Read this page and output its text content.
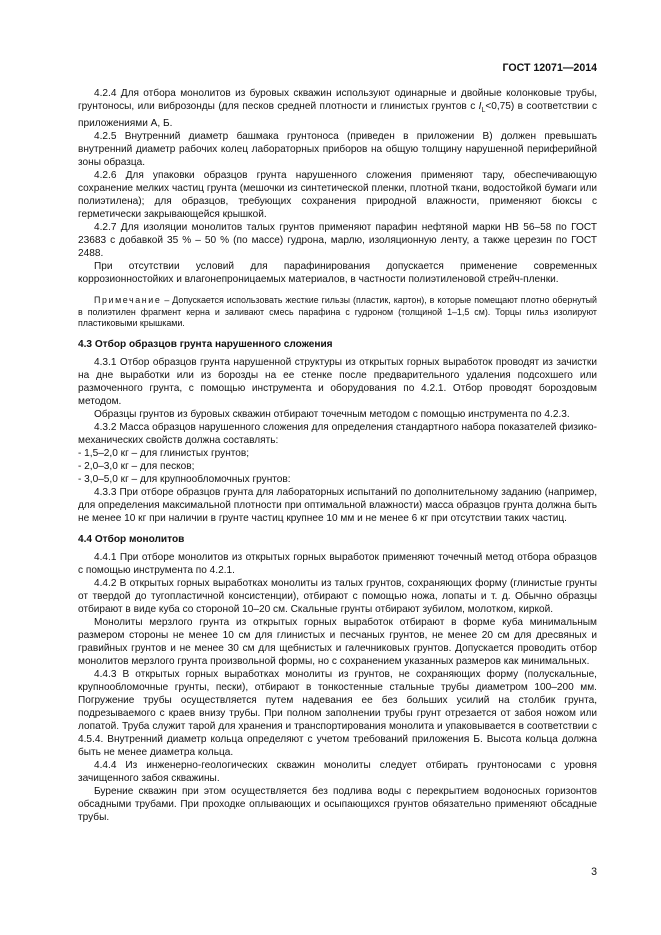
ГОСТ 12071—2014

4.2.4 Для отбора монолитов из буровых скважин используют одинарные и двойные колонковые трубы, грунтоносы, или виброзонды (для песков средней плотности и глинистых грунтов с $I_L<0,75$) в соответствии с приложениями А, Б.

4.2.5 Внутренний диаметр башмака грунтоноса (приведен в приложении В) должен превышать внутренний диаметр рабочих колец лабораторных приборов на общую толщину нарушенной периферийной зоны образца.

4.2.6 Для упаковки образцов грунта нарушенного сложения применяют тару, обеспечивающую сохранение мелких частиц грунта (мешочки из синтетической пленки, плотной ткани, водостойкой бумаги или полиэтилена); для образцов, требующих сохранения природной влажности, применяют бюксы с герметически закрывающейся крышкой.

4.2.7 Для изоляции монолитов талых грунтов применяют парафин нефтяной марки НВ 56–58 по ГОСТ 23683 с добавкой 35 % – 50 % (по массе) гудрона, марлю, изоляционную ленту, а также церезин по ГОСТ 2488.

При отсутствии условий для парафинирования допускается применение современных коррозионностойких и влагонепроницаемых материалов, в частности полиэтиленовой стрейч-пленки.

Примечание – Допускается использовать жесткие гильзы (пластик, картон), в которые помещают плотно обернутый в полиэтилен фрагмент керна и заливают смесь парафина с гудроном (толщиной 1–1,5 см). Торцы гильз изолируют пластиковыми крышками.

4.3 Отбор образцов грунта нарушенного сложения

4.3.1 Отбор образцов грунта нарушенной структуры из открытых горных выработок проводят из зачистки на дне выработки или из борозды на ее стенке после предварительного удаления подсохшего или размоченного грунта, с помощью инструмента и оборудования по 4.2.1. Отбор проводят бороздовым методом.

Образцы грунтов из буровых скважин отбирают точечным методом с помощью инструмента по 4.2.3.

4.3.2 Масса образцов нарушенного сложения для определения стандартного набора показателей физико-механических свойств должна составлять:

- 1,5–2,0 кг – для глинистых грунтов;

- 2,0–3,0 кг – для песков;

- 3,0–5,0 кг – для крупнообломочных грунтов:

4.3.3 При отборе образцов грунта для лабораторных испытаний по дополнительному заданию (например, для определения максимальной плотности при оптимальной влажности) масса образцов грунта должна быть не менее 10 кг при наличии в грунте частиц крупнее 10 мм и не менее 6 кг при отсутствии таких частиц.

4.4 Отбор монолитов

4.4.1 При отборе монолитов из открытых горных выработок применяют точечный метод отбора образцов с помощью инструмента по 4.2.1.

4.4.2 В открытых горных выработках монолиты из талых грунтов, сохраняющих форму (глинистые грунты от твердой до тугопластичной консистенции), отбирают с помощью ножа, лопаты и т. д. Обычно образцы отбирают в виде куба со стороной 10–20 см. Скальные грунты отбирают зубилом, молотком, киркой.

Монолиты мерзлого грунта из открытых горных выработок отбирают в форме куба минимальным размером стороны не менее 10 см для глинистых и песчаных грунтов, не менее 20 см для дресвяных и гравийных грунтов и не менее 30 см для щебнистых и галечниковых грунтов. Допускается проводить отбор монолитов мерзлого грунта произвольной формы, но с сохранением указанных размеров как минимальных.

4.4.3 В открытых горных выработках монолиты из грунтов, не сохраняющих форму (полускальные, крупнообломочные грунты, пески), отбирают в тонкостенные стальные трубы диаметром 100–200 мм. Погружение трубы осуществляется путем надевания ее без больших усилий на столбик грунта, подрезываемого с краев внизу трубы. При полном заполнении трубы грунт отрезается от забоя ножом или лопатой. Труба служит тарой для хранения и транспортирования монолита и упаковывается в соответствии с 4.5.4. Внутренний диаметр кольца определяют с учетом требований приложения Б. Высота кольца должна быть не менее диаметра кольца.

4.4.4 Из инженерно-геологических скважин монолиты следует отбирать грунтоносами с уровня зачищенного забоя скважины.

Бурение скважин при этом осуществляется без подлива воды с перекрытием водоносных горизонтов обсадными трубами. При проходке оплывающих и осыпающихся грунтов обязательно применяют обсадные трубы.

3
